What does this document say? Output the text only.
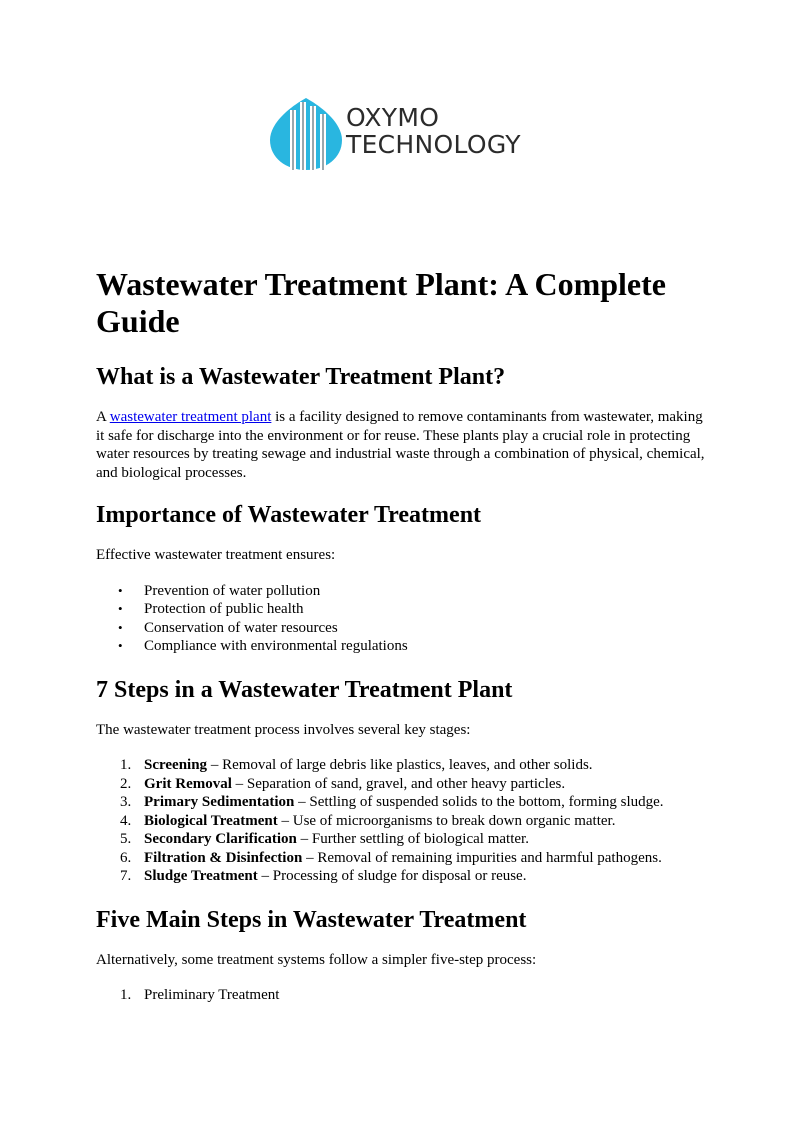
OXYMO
TECHNOLOGY
Wastewater Treatment Plant: A Complete Guide
What is a Wastewater Treatment Plant?

A wastewater treatment plant is a facility designed to remove contaminants from wastewater, making it safe for discharge into the environment or for reuse. These plants play a crucial role in protecting water resources by treating sewage and industrial waste through a combination of physical, chemical, and biological processes.

Importance of Wastewater Treatment

Effective wastewater treatment ensures:

• Prevention of water pollution
• Protection of public health
• Conservation of water resources
• Compliance with environmental regulations
7 Steps in a Wastewater Treatment Plant

The wastewater treatment process involves several key stages:

1. Screening – Removal of large debris like plastics, leaves, and other solids.
2. Grit Removal – Separation of sand, gravel, and other heavy particles.
3. Primary Sedimentation – Settling of suspended solids to the bottom, forming sludge.
4. Biological Treatment – Use of microorganisms to break down organic matter.
5. Secondary Clarification – Further settling of biological matter.
6. Filtration & Disinfection – Removal of remaining impurities and harmful pathogens.
7. Sludge Treatment – Processing of sludge for disposal or reuse.
Five Main Steps in Wastewater Treatment

Alternatively, some treatment systems follow a simpler five-step process:

1. Preliminary Treatment
